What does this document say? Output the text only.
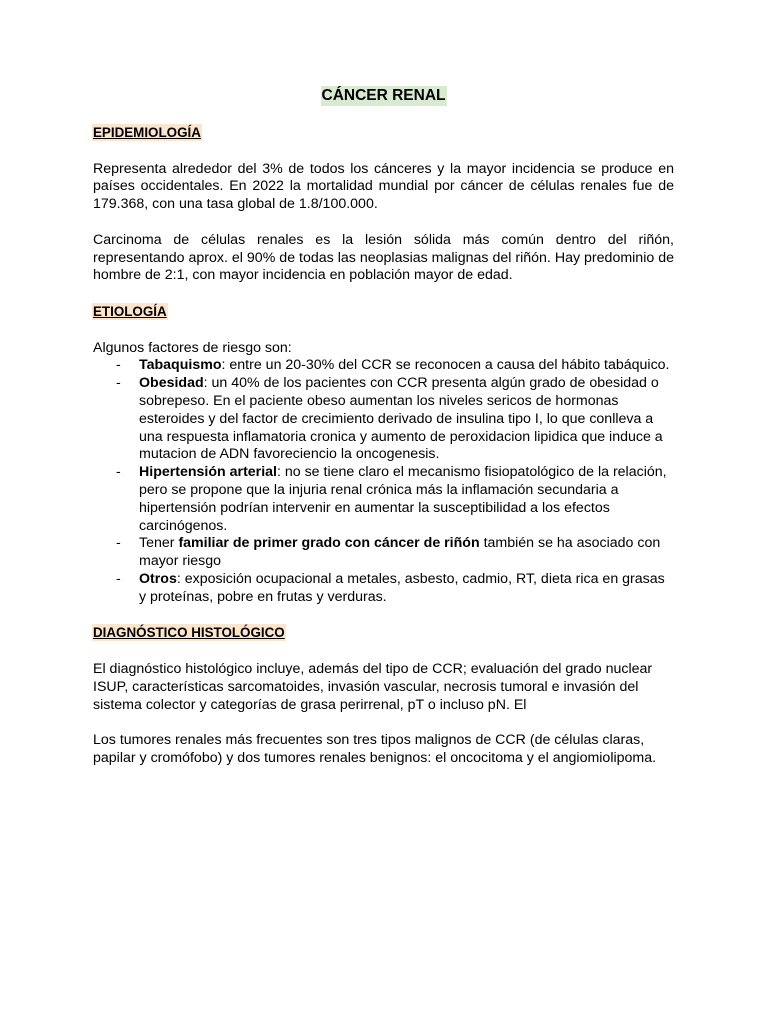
CÁNCER RENAL
EPIDEMIOLOGÍA

Representa alrededor del 3% de todos los cánceres y la mayor incidencia se produce en países occidentales. En 2022 la mortalidad mundial por cáncer de células renales fue de 179.368, con una tasa global de 1.8/100.000.

Carcinoma de células renales es la lesión sólida más común dentro del riñón, representando aprox. el 90% de todas las neoplasias malignas del riñón. Hay predominio de hombre de 2:1, con mayor incidencia en población mayor de edad.

ETIOLOGÍA

Algunos factores de riesgo son:

- Tabaquismo: entre un 20-30% del CCR se reconocen a causa del hábito tabáquico.
- Obesidad: un 40% de los pacientes con CCR presenta algún grado de obesidad o sobrepeso. En el paciente obeso aumentan los niveles sericos de hormonas esteroides y del factor de crecimiento derivado de insulina tipo I, lo que conlleva a una respuesta inflamatoria cronica y aumento de peroxidacion lipidica que induce a mutacion de ADN favoreciencio la oncogenesis.
- Hipertensión arterial: no se tiene claro el mecanismo fisiopatológico de la relación, pero se propone que la injuria renal crónica más la inflamación secundaria a hipertensión podrían intervenir en aumentar la susceptibilidad a los efectos carcinógenos.
- Tener familiar de primer grado con cáncer de riñón también se ha asociado con mayor riesgo
- Otros: exposición ocupacional a metales, asbesto, cadmio, RT, dieta rica en grasas y proteínas, pobre en frutas y verduras.
DIAGNÓSTICO HISTOLÓGICO

El diagnóstico histológico incluye, además del tipo de CCR; evaluación del grado nuclear ISUP, características sarcomatoides, invasión vascular, necrosis tumoral e invasión del sistema colector y categorías de grasa perirrenal, pT o incluso pN. El

Los tumores renales más frecuentes son tres tipos malignos de CCR (de células claras, papilar y cromófobo) y dos tumores renales benignos: el oncocitoma y el angiomiolipoma.
